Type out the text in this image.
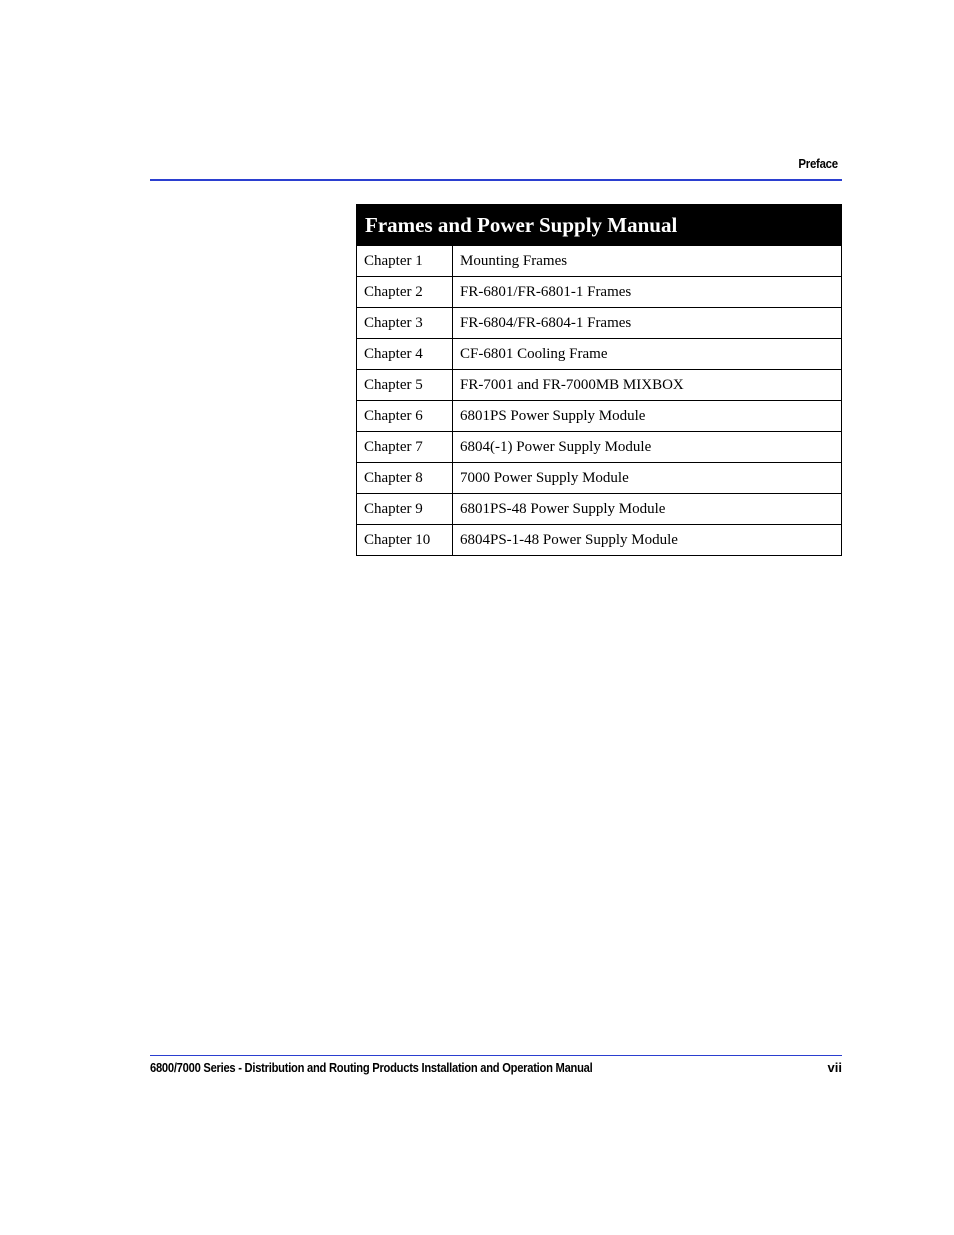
Preface
Frames and Power Supply Manual	
Chapter 1	Mounting Frames
Chapter 2	FR-6801/FR-6801-1 Frames
Chapter 3	FR-6804/FR-6804-1 Frames
Chapter 4	CF-6801 Cooling Frame
Chapter 5	FR-7001 and FR-7000MB MIXBOX
Chapter 6	6801PS Power Supply Module
Chapter 7	6804(-1) Power Supply Module
Chapter 8	7000 Power Supply Module
Chapter 9	6801PS-48 Power Supply Module
Chapter 10	6804PS-1-48 Power Supply Module
6800/7000 Series - Distribution and Routing Products Installation and Operation Manual	vii
